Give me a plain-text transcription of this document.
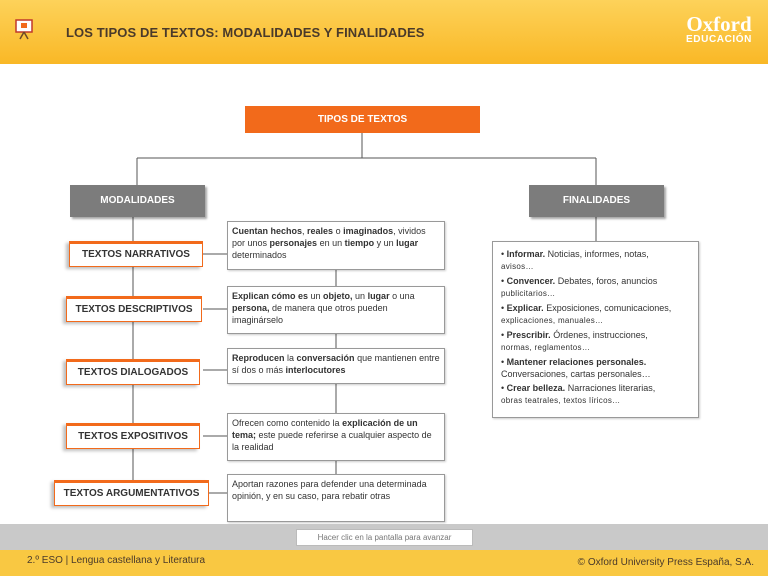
LOS TIPOS DE TEXTOS: MODALIDADES Y FINALIDADES	Oxford
EDUCACIÓN
TIPOS DE TEXTOS
MODALIDADES	FINALIDADES
TEXTOS NARRATIVOS
TEXTOS DESCRIPTIVOS
TEXTOS DIALOGADOS
TEXTOS EXPOSITIVOS
TEXTOS ARGUMENTATIVOS
Cuentan hechos, reales o imaginados, vividos por unos personajes en un tiempo y un lugar determinados
Explican cómo es un objeto, un lugar o una persona, de manera que otros pueden imaginárselo
Reproducen la conversación que mantienen entre sí dos o más interlocutores
Ofrecen como contenido la explicación de un tema; este puede referirse a cualquier aspecto de la realidad
Aportan razones para defender una determinada opinión, y en su caso, para rebatir otras
• Informar. Noticias, informes, notas,
avisos…
• Convencer. Debates, foros, anuncios
publicitarios…
• Explicar. Exposiciones, comunicaciones,
explicaciones, manuales…
• Prescribir. Órdenes, instrucciones,
normas, reglamentos…
• Mantener relaciones personales. Conversaciones, cartas personales…
• Crear belleza. Narraciones literarias,
obras teatrales, textos líricos…
Hacer clic en la pantalla para avanzar
2.º ESO | Lengua castellana y Literatura	© Oxford University Press España, S.A.
